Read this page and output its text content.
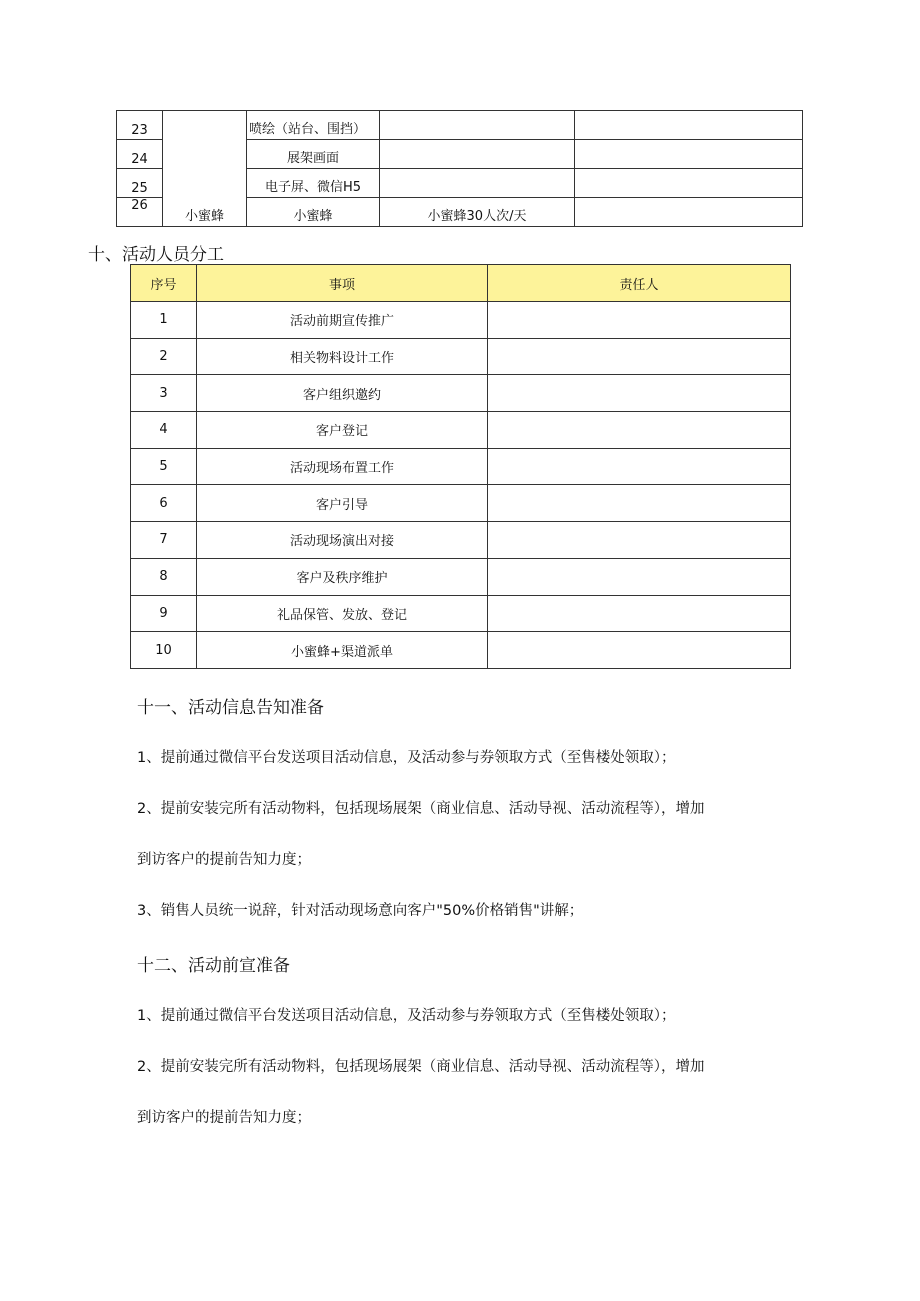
23	小蜜蜂	喷绘（站台、围挡）		
24		展架画面		
25		电子屏、微信H5		
26		小蜜蜂	小蜜蜂30人次/天	
十、活动人员分工
序号	事项	责任人
1	活动前期宣传推广	
2	相关物料设计工作	
3	客户组织邀约	
4	客户登记	
5	活动现场布置工作	
6	客户引导	
7	活动现场演出对接	
8	客户及秩序维护	
9	礼品保管、发放、登记	
10	小蜜蜂+渠道派单	
十一、活动信息告知准备
1、提前通过微信平台发送项目活动信息，及活动参与券领取方式（至售楼处领取）；
2、提前安装完所有活动物料，包括现场展架（商业信息、活动导视、活动流程等），增加
到访客户的提前告知力度；
3、销售人员统一说辞，针对活动现场意向客户"50%价格销售"讲解；
十二、活动前宣准备
1、提前通过微信平台发送项目活动信息，及活动参与券领取方式（至售楼处领取）；
2、提前安装完所有活动物料，包括现场展架（商业信息、活动导视、活动流程等），增加
到访客户的提前告知力度；
